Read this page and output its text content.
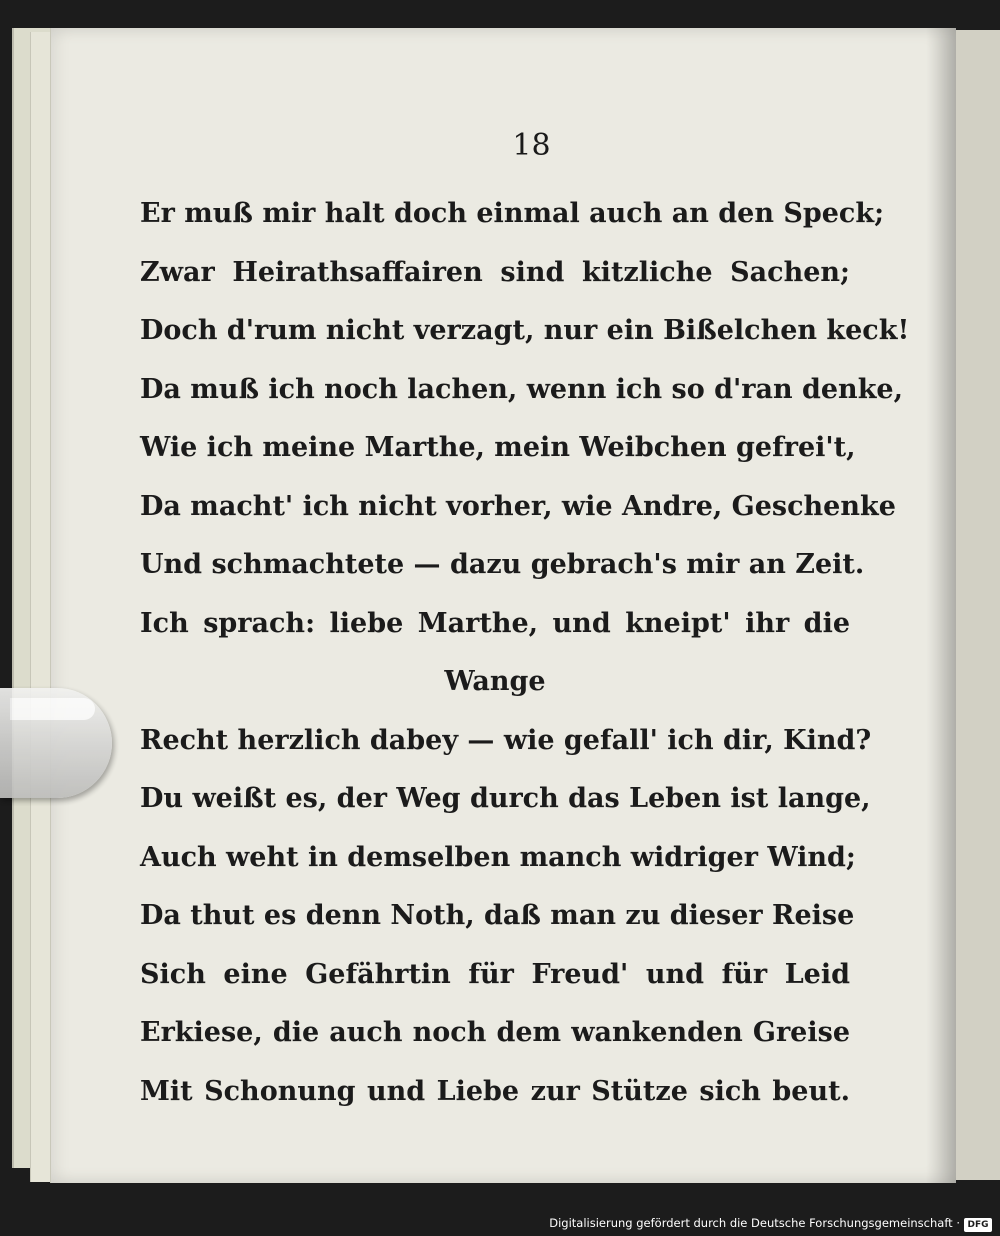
18
Er muß mir halt doch einmal auch an den Speck;
Zwar Heirathsaffairen sind kitzliche Sachen;
Doch d'rum nicht verzagt, nur ein Bißelchen keck!
Da muß ich noch lachen, wenn ich so d'ran denke,
Wie ich meine Marthe, mein Weibchen gefrei't,
Da macht' ich nicht vorher, wie Andre, Geschenke
Und schmachtete — dazu gebrach's mir an Zeit.
Ich sprach: liebe Marthe, und kneipt' ihr die
Wange
Recht herzlich dabey — wie gefall' ich dir, Kind?
Du weißt es, der Weg durch das Leben ist lange,
Auch weht in demselben manch widriger Wind;
Da thut es denn Noth, daß man zu dieser Reise
Sich eine Gefährtin für Freud' und für Leid
Erkiese, die auch noch dem wankenden Greise
Mit Schonung und Liebe zur Stütze sich beut.
Digitalisierung gefördert durch die Deutsche Forschungsgemeinschaft · DFG
